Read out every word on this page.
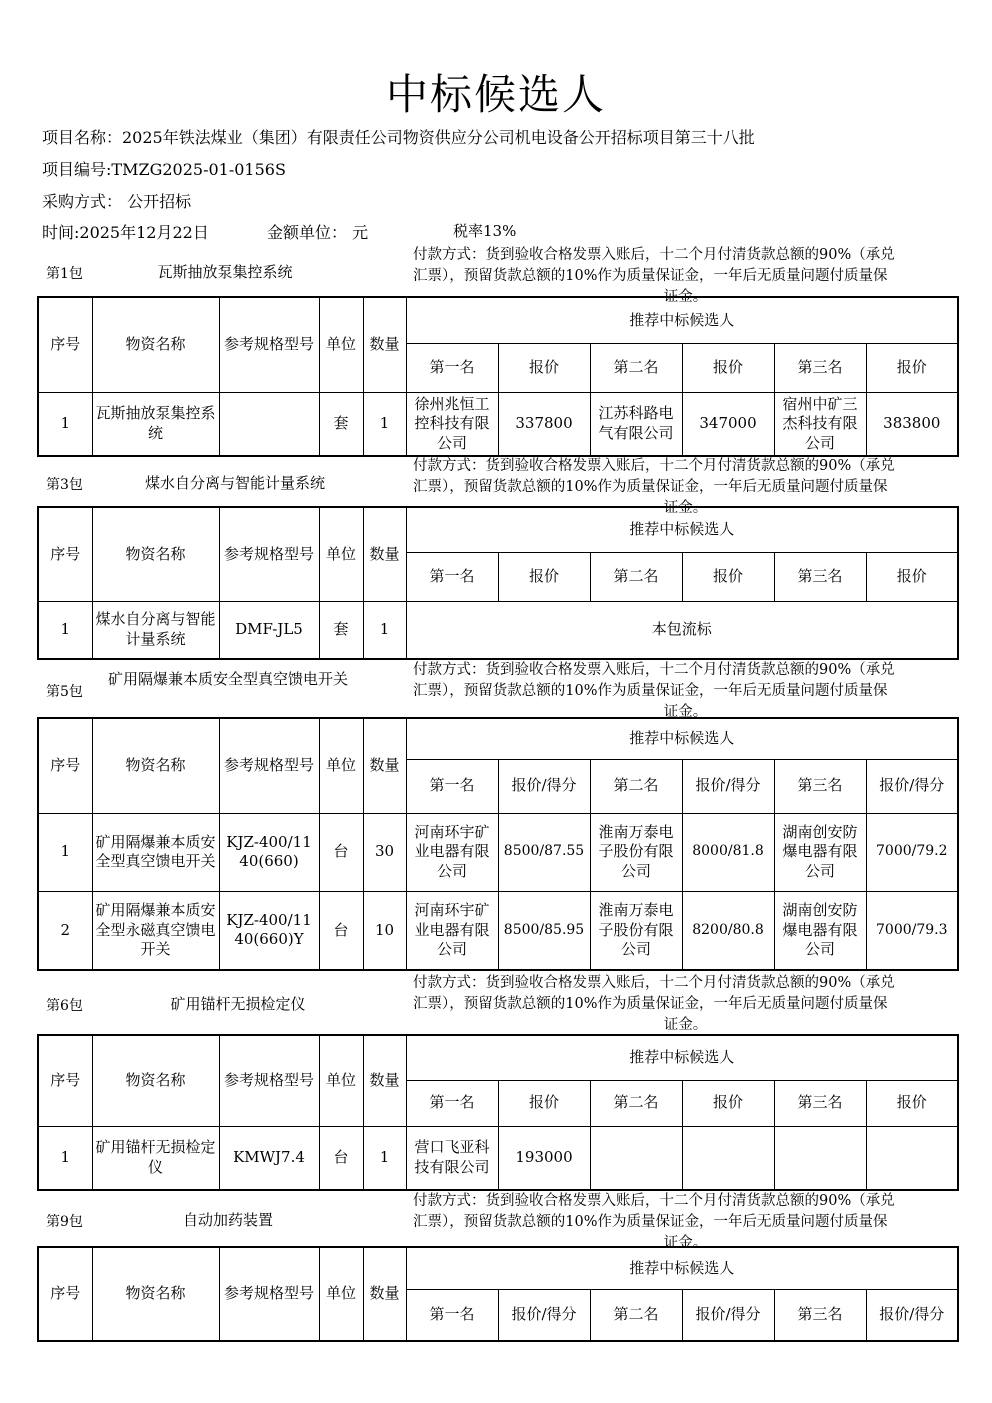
中标候选人
项目名称：2025年铁法煤业（集团）有限责任公司物资供应分公司机电设备公开招标项目第三十八批
项目编号:TMZG2025-01-0156S
采购方式： 公开招标
时间:2025年12月22日	金额单位： 元	税率13%
第1包	瓦斯抽放泵集控系统
付款方式：货到验收合格发票入账后，十二个月付清货款总额的90%（承兑
汇票），预留货款总额的10%作为质量保证金，一年后无质量问题付质量保
证金。
序号	物资名称	参考规格型号	单位	数量	推荐中标候选人					
					第一名	报价	第二名	报价	第三名	报价
1	瓦斯抽放泵集控系统		套	1	徐州兆恒工控科技有限公司	337800	江苏科路电气有限公司	347000	宿州中矿三杰科技有限公司	383800
第3包	煤水自分离与智能计量系统
付款方式：货到验收合格发票入账后，十二个月付清货款总额的90%（承兑
汇票），预留货款总额的10%作为质量保证金，一年后无质量问题付质量保
证金。
序号	物资名称	参考规格型号	单位	数量	推荐中标候选人					
					第一名	报价	第二名	报价	第三名	报价
1	煤水自分离与智能计量系统	DMF-JL5	套	1	本包流标					
第5包
矿用隔爆兼本质安全型真空馈电开关	付款方式：货到验收合格发票入账后，十二个月付清货款总额的90%（承兑
汇票），预留货款总额的10%作为质量保证金，一年后无质量问题付质量保
证金。
序号	物资名称	参考规格型号	单位	数量	推荐中标候选人					
					第一名	报价/得分	第二名	报价/得分	第三名	报价/得分
1	矿用隔爆兼本质安全型真空馈电开关	KJZ-400/1140(660)	台	30	河南环宇矿业电器有限公司	8500/87.55	淮南万泰电子股份有限公司	8000/81.8	湖南创安防爆电器有限公司	7000/79.2
2	矿用隔爆兼本质安全型永磁真空馈电开关	KJZ-400/1140(660)Y	台	10	河南环宇矿业电器有限公司	8500/85.95	淮南万泰电子股份有限公司	8200/80.8	湖南创安防爆电器有限公司	7000/79.3
第6包	矿用锚杆无损检定仪
付款方式：货到验收合格发票入账后，十二个月付清货款总额的90%（承兑
汇票），预留货款总额的10%作为质量保证金，一年后无质量问题付质量保
证金。
序号	物资名称	参考规格型号	单位	数量	推荐中标候选人					
					第一名	报价	第二名	报价	第三名	报价
1	矿用锚杆无损检定仪	KMWJ7.4	台	1	营口飞亚科技有限公司	193000				
第9包	自动加药装置
付款方式：货到验收合格发票入账后，十二个月付清货款总额的90%（承兑
汇票），预留货款总额的10%作为质量保证金，一年后无质量问题付质量保
证金。
序号	物资名称	参考规格型号	单位	数量	推荐中标候选人					
					第一名	报价/得分	第二名	报价/得分	第三名	报价/得分
